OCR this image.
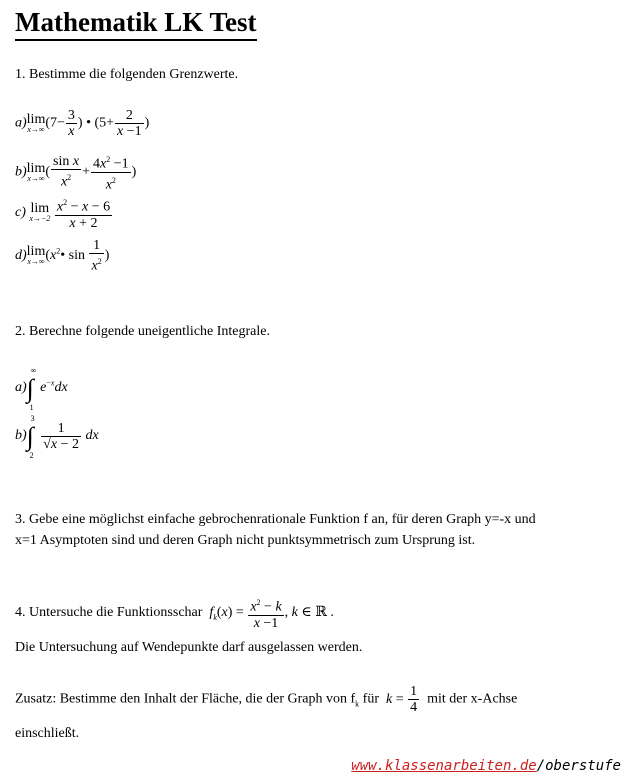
Mathematik LK Test
1. Bestimme die folgenden Grenzwerte.
a)lim
x→∞ ($7- \frac{3}{x}$ ) • ($5+ \frac{2}{x -1}$ )
b)lim
x→∞ ( $\frac{\text{sin x}}{x^2} + \frac{4x^2 -1}{x^2}$ )
c) lim
x→−2
$\frac{x^2 - x - 6}{x + 2}$
d)lim
x→∞ ($x^2•$ $\sin \frac{1}{x^2}$ )
2. Berechne folgende uneigentliche Integrale.
a) ∫
∞
1
$e^{-x}dx$
b) ∫
3
2

$\frac{1}{√x - 2}$ dx
3. Gebe eine möglichst einfache gebrochenrationale Funktion f an, für deren Graph y=-x und
x=1 Asymptoten sind und deren Graph nicht punktsymmetrisch zum Ursprung ist.
4. Untersuche die Funktionsschar $f_k(x) = \frac{x^2 - k}{x -1}$ , k ∈ ℝ .
Die Untersuchung auf Wendepunkte darf ausgelassen werden.
Zusatz: Bestimme den Inhalt der Fläche, die der Graph von $f_k$ für $k = \frac{1}{4}$ mit der x-Achse
einschließt.
www.klassenarbeiten.de/oberstufe
